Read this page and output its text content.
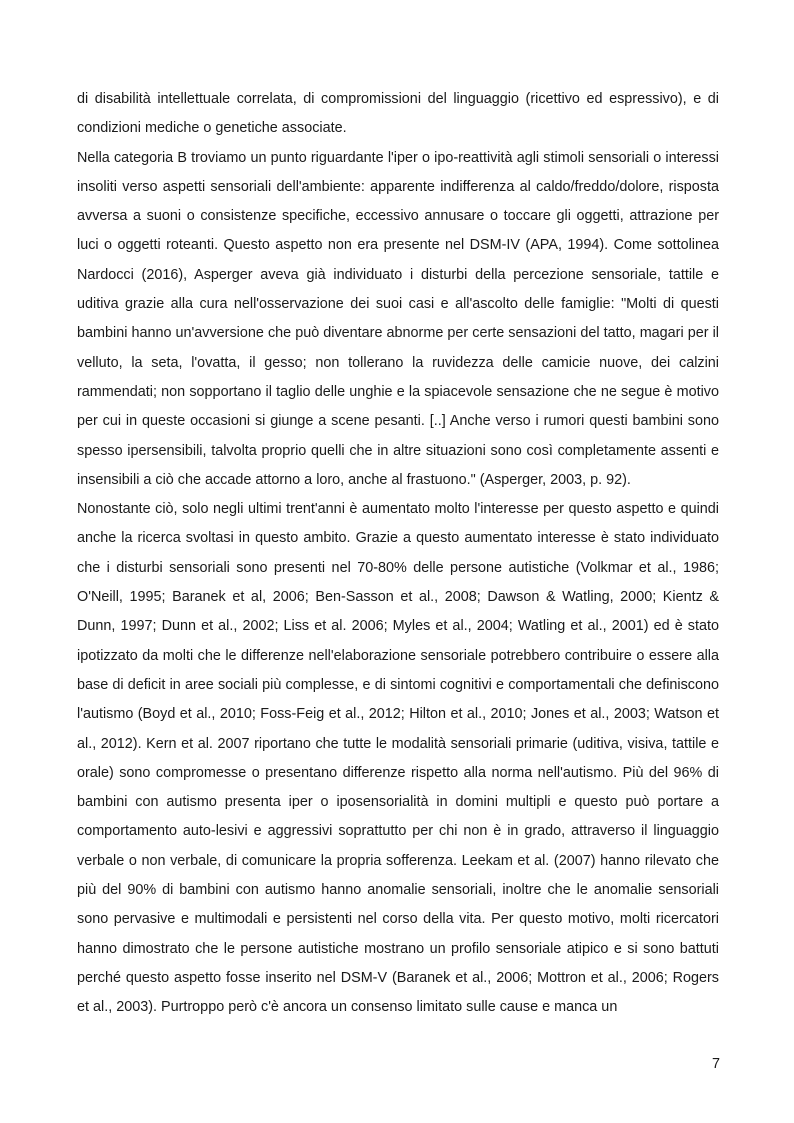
di disabilità intellettuale correlata, di compromissioni del linguaggio (ricettivo ed espressivo), e di condizioni mediche o genetiche associate.

Nella categoria B troviamo un punto riguardante l'iper o ipo-reattività agli stimoli sensoriali o interessi insoliti verso aspetti sensoriali dell'ambiente: apparente indifferenza al caldo/freddo/dolore, risposta avversa a suoni o consistenze specifiche, eccessivo annusare o toccare gli oggetti, attrazione per luci o oggetti roteanti. Questo aspetto non era presente nel DSM-IV (APA, 1994). Come sottolinea Nardocci (2016), Asperger aveva già individuato i disturbi della percezione sensoriale, tattile e uditiva grazie alla cura nell'osservazione dei suoi casi e all'ascolto delle famiglie: "Molti di questi bambini hanno un'avversione che può diventare abnorme per certe sensazioni del tatto, magari per il velluto, la seta, l'ovatta, il gesso; non tollerano la ruvidezza delle camicie nuove, dei calzini rammendati; non sopportano il taglio delle unghie e la spiacevole sensazione che ne segue è motivo per cui in queste occasioni si giunge a scene pesanti. [..] Anche verso i rumori questi bambini sono spesso ipersensibili, talvolta proprio quelli che in altre situazioni sono così completamente assenti e insensibili a ciò che accade attorno a loro, anche al frastuono." (Asperger, 2003, p. 92).

Nonostante ciò, solo negli ultimi trent'anni è aumentato molto l'interesse per questo aspetto e quindi anche la ricerca svoltasi in questo ambito. Grazie a questo aumentato interesse è stato individuato che i disturbi sensoriali sono presenti nel 70-80% delle persone autistiche (Volkmar et al., 1986; O'Neill, 1995; Baranek et al, 2006; Ben-Sasson et al., 2008; Dawson & Watling, 2000; Kientz & Dunn, 1997; Dunn et al., 2002; Liss et al. 2006; Myles et al., 2004; Watling et al., 2001) ed è stato ipotizzato da molti che le differenze nell'elaborazione sensoriale potrebbero contribuire o essere alla base di deficit in aree sociali più complesse, e di sintomi cognitivi e comportamentali che definiscono l'autismo (Boyd et al., 2010; Foss-Feig et al., 2012; Hilton et al., 2010; Jones et al., 2003; Watson et al., 2012). Kern et al. 2007 riportano che tutte le modalità sensoriali primarie (uditiva, visiva, tattile e orale) sono compromesse o presentano differenze rispetto alla norma nell'autismo. Più del 96% di bambini con autismo presenta iper o iposensorialità in domini multipli e questo può portare a comportamento auto-lesivi e aggressivi soprattutto per chi non è in grado, attraverso il linguaggio verbale o non verbale, di comunicare la propria sofferenza. Leekam et al. (2007) hanno rilevato che più del 90% di bambini con autismo hanno anomalie sensoriali, inoltre che le anomalie sensoriali sono pervasive e multimodali e persistenti nel corso della vita. Per questo motivo, molti ricercatori hanno dimostrato che le persone autistiche mostrano un profilo sensoriale atipico e si sono battuti perché questo aspetto fosse inserito nel DSM-V (Baranek et al., 2006; Mottron et al., 2006; Rogers et al., 2003). Purtroppo però c'è ancora un consenso limitato sulle cause e manca un

7
